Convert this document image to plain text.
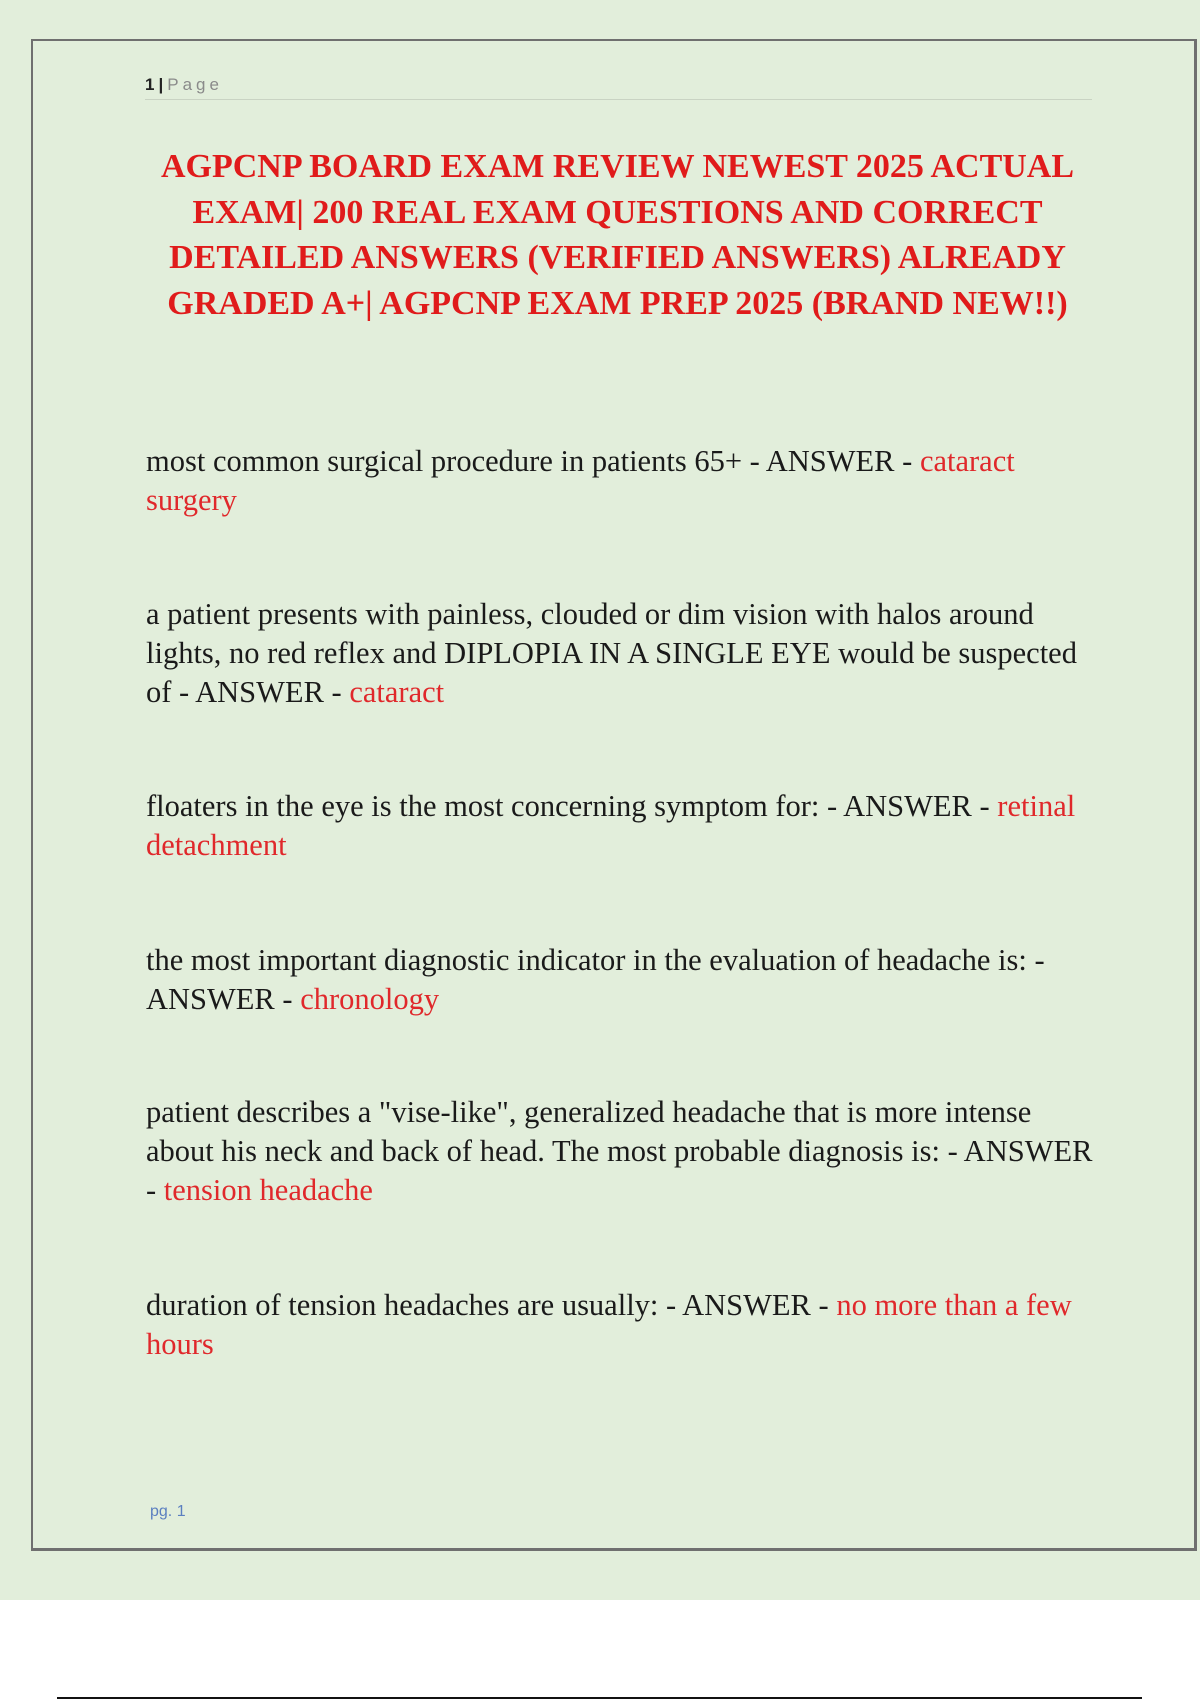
1 | Page
AGPCNP BOARD EXAM REVIEW NEWEST 2025 ACTUAL EXAM| 200 REAL EXAM QUESTIONS AND CORRECT DETAILED ANSWERS (VERIFIED ANSWERS) ALREADY GRADED A+| AGPCNP EXAM PREP 2025 (BRAND NEW!!)
most common surgical procedure in patients 65+ - ANSWER - cataract surgery
a patient presents with painless, clouded or dim vision with halos around lights, no red reflex and DIPLOPIA IN A SINGLE EYE would be suspected of - ANSWER - cataract
floaters in the eye is the most concerning symptom for: - ANSWER - retinal detachment
the most important diagnostic indicator in the evaluation of headache is: - ANSWER - chronology
patient describes a "vise-like", generalized headache that is more intense about his neck and back of head. The most probable diagnosis is: - ANSWER - tension headache
duration of tension headaches are usually: - ANSWER - no more than a few hours
pg. 1
